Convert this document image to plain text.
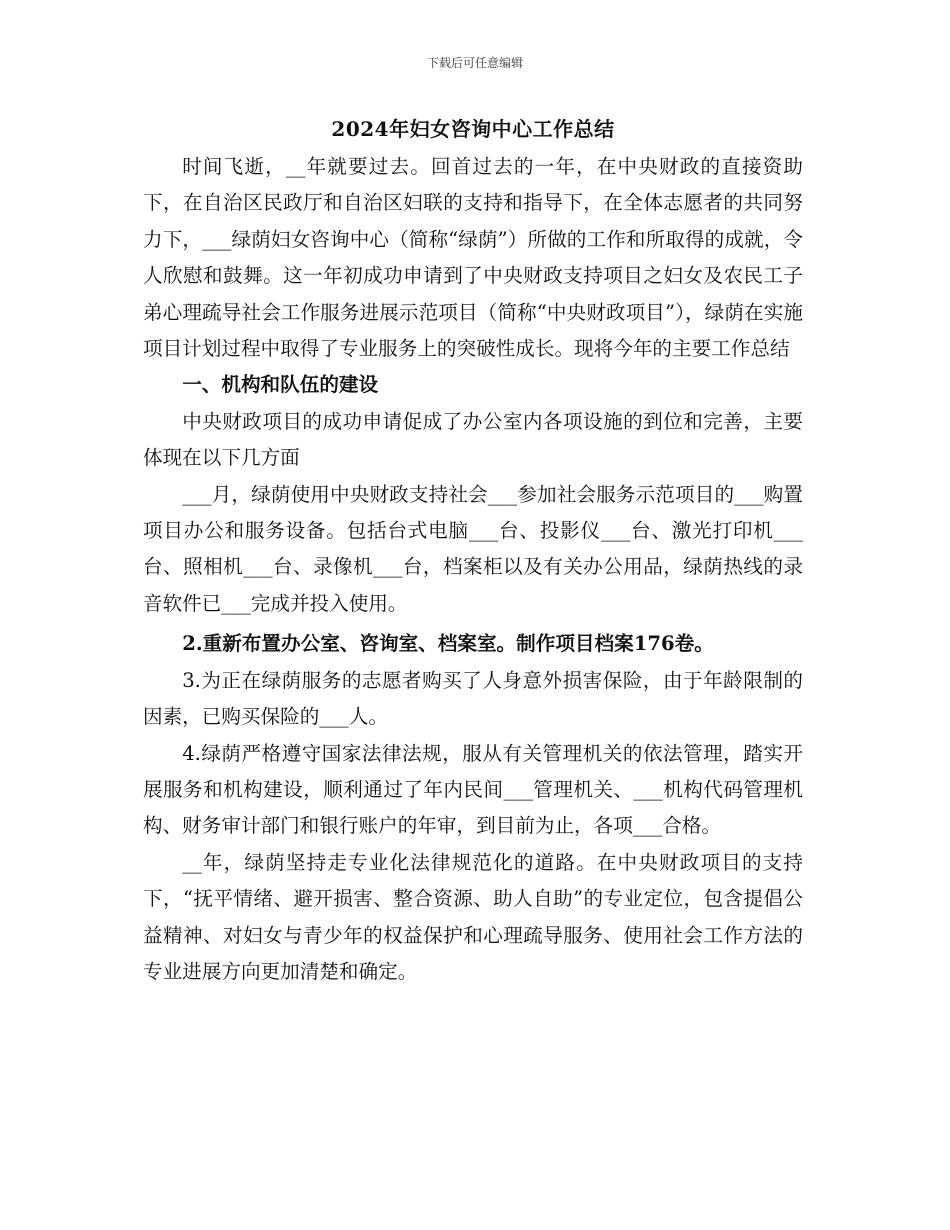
下载后可任意编辑
2024年妇女咨询中心工作总结

时间飞逝，__年就要过去。回首过去的一年，在中央财政的直接资助下，在自治区民政厅和自治区妇联的支持和指导下，在全体志愿者的共同努力下，___绿荫妇女咨询中心（简称“绿荫”）所做的工作和所取得的成就，令人欣慰和鼓舞。这一年初成功申请到了中央财政支持项目之妇女及农民工子弟心理疏导社会工作服务进展示范项目（简称“中央财政项目”），绿荫在实施项目计划过程中取得了专业服务上的突破性成长。现将今年的主要工作总结

一、机构和队伍的建设

中央财政项目的成功申请促成了办公室内各项设施的到位和完善，主要体现在以下几方面

___月，绿荫使用中央财政支持社会___参加社会服务示范项目的___购置项目办公和服务设备。包括台式电脑___台、投影仪___台、激光打印机___台、照相机___台、录像机___台，档案柜以及有关办公用品，绿荫热线的录音软件已___完成并投入使用。

2.重新布置办公室、咨询室、档案室。制作项目档案176卷。

3.为正在绿荫服务的志愿者购买了人身意外损害保险，由于年龄限制的因素，已购买保险的___人。

4.绿荫严格遵守国家法律法规，服从有关管理机关的依法管理，踏实开展服务和机构建设，顺利通过了年内民间___管理机关、___机构代码管理机构、财务审计部门和银行账户的年审，到目前为止，各项___合格。

__年，绿荫坚持走专业化法律规范化的道路。在中央财政项目的支持下，“抚平情绪、避开损害、整合资源、助人自助”的专业定位，包含提倡公益精神、对妇女与青少年的权益保护和心理疏导服务、使用社会工作方法的专业进展方向更加清楚和确定。
